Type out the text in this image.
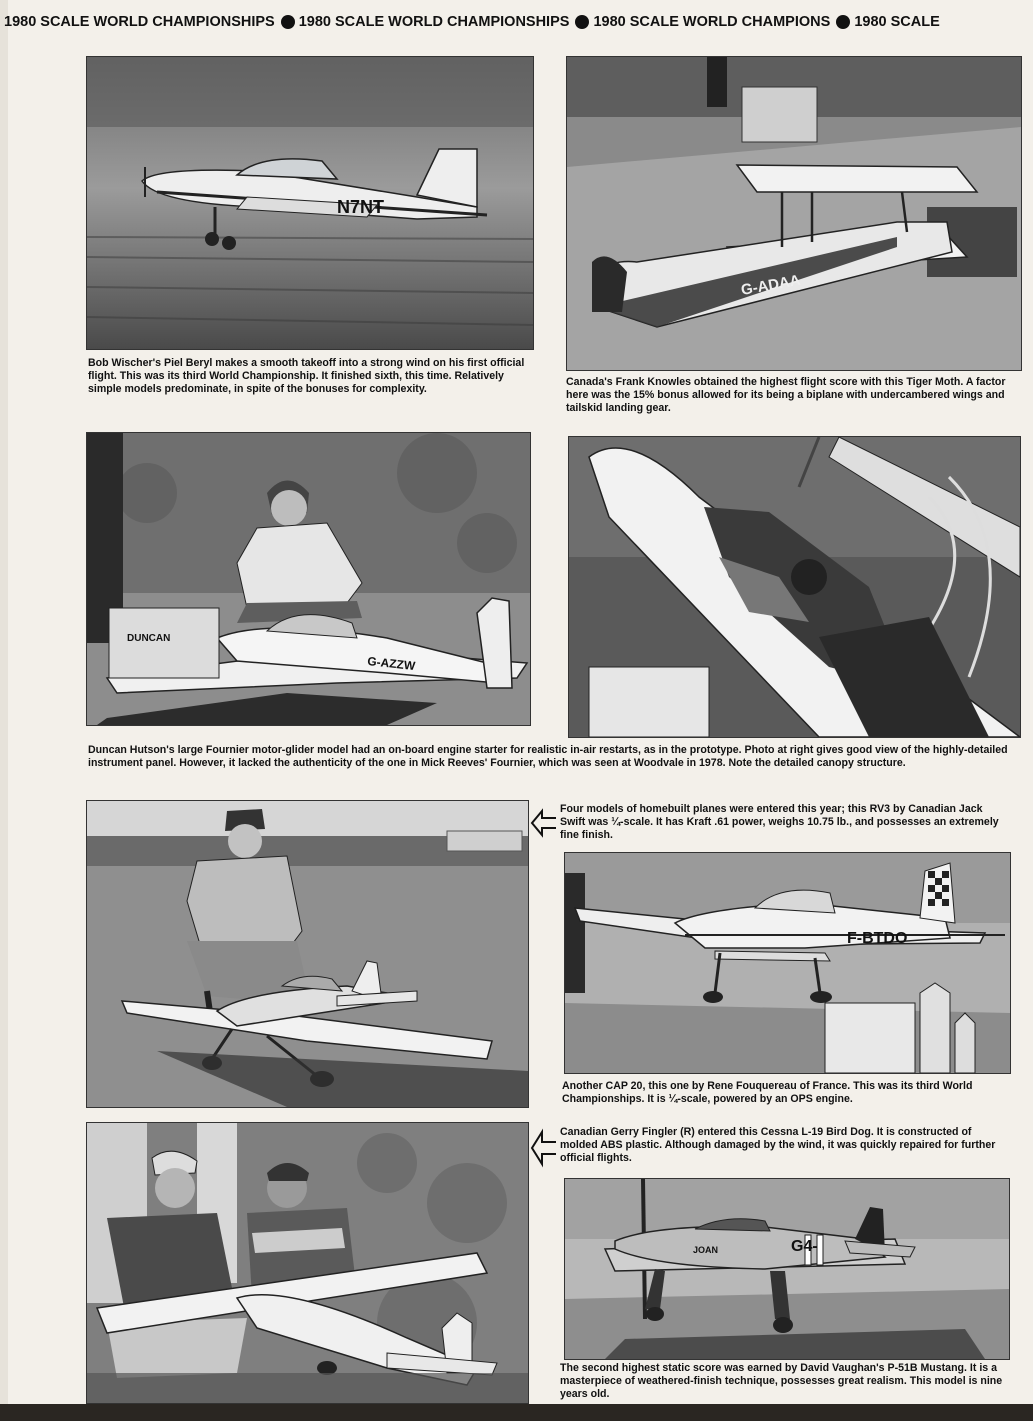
1980 SCALE WORLD CHAMPIONSHIPS 1980 SCALE WORLD CHAMPIONSHIPS 1980 SCALE WORLD CHAMPIONS 1980 SCALE
N7NT
G-ADAA
Bob Wischer's Piel Beryl makes a smooth takeoff into a strong wind on his first official flight. This was its third World Championship. It finished sixth, this time. Relatively simple models predominate, in spite of the bonuses for complexity.
Canada's Frank Knowles obtained the highest flight score with this Tiger Moth. A factor here was the 15% bonus allowed for its being a biplane with undercambered wings and tailskid landing gear.
DUNCAN
G-AZZW
Duncan Hutson's large Fournier motor-glider model had an on-board engine starter for realistic in-air restarts, as in the prototype. Photo at right gives good view of the highly-detailed instrument panel. However, it lacked the authenticity of the one in Mick Reeves' Fournier, which was seen at Woodvale in 1978. Note the detailed canopy structure.
Four models of homebuilt planes were entered this year; this RV3 by Canadian Jack Swift was ¼-scale. It has Kraft .61 power, weighs 10.75 lb., and possesses an extremely fine finish.
F-BTDO
Another CAP 20, this one by Rene Fouquereau of France. This was its third World Championships. It is ¼-scale, powered by an OPS engine.
Canadian Gerry Fingler (R) entered this Cessna L-19 Bird Dog. It is constructed of molded ABS plastic. Although damaged by the wind, it was quickly repaired for further official flights.
JOAN	G4-
The second highest static score was earned by David Vaughan's P-51B Mustang. It is a masterpiece of weathered-finish technique, possesses great realism. This model is nine years old.
